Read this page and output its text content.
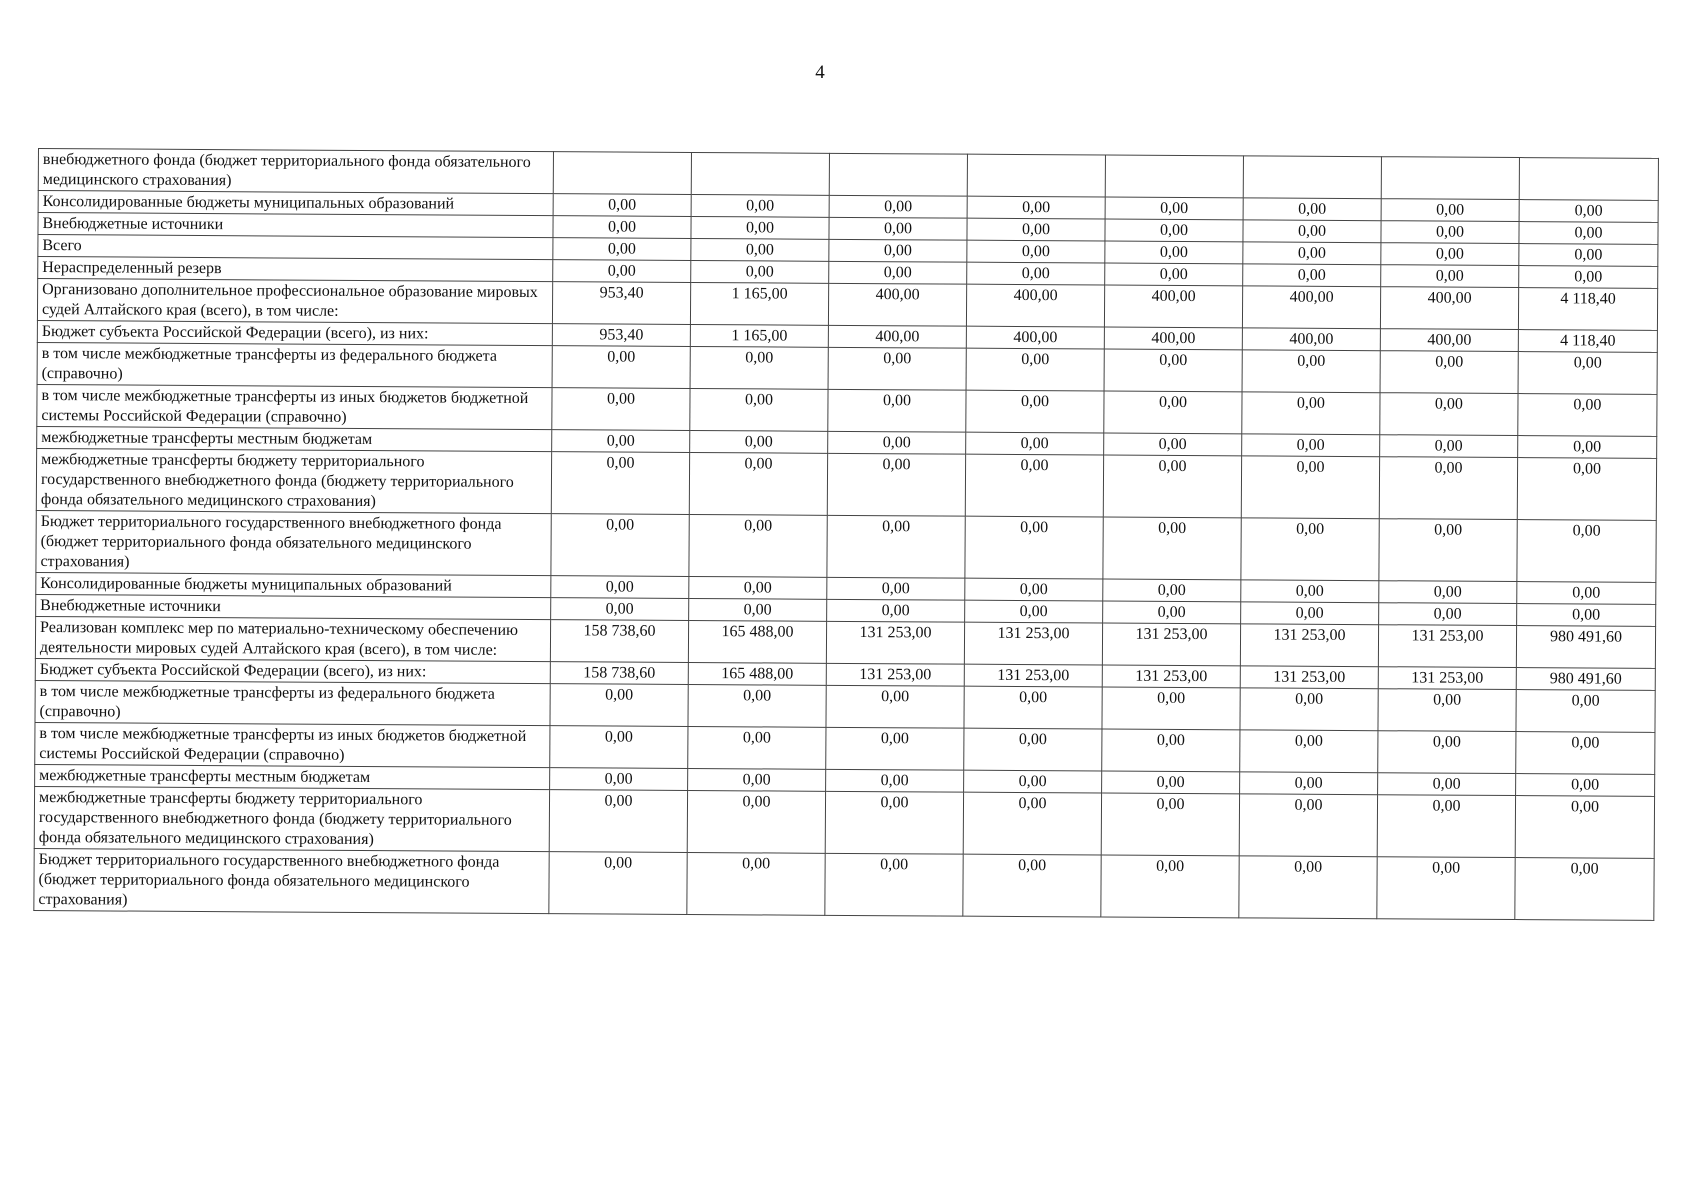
4
внебюджетного фонда (бюджет территориального фонда обязательного медицинского страхования)								
Консолидированные бюджеты муниципальных образований	0,00	0,00	0,00	0,00	0,00	0,00	0,00	0,00
Внебюджетные источники	0,00	0,00	0,00	0,00	0,00	0,00	0,00	0,00
Всего	0,00	0,00	0,00	0,00	0,00	0,00	0,00	0,00
Нераспределенный резерв	0,00	0,00	0,00	0,00	0,00	0,00	0,00	0,00
Организовано дополнительное профессиональное образование мировых судей Алтайского края (всего), в том числе:	953,40	1 165,00	400,00	400,00	400,00	400,00	400,00	4 118,40
Бюджет субъекта Российской Федерации (всего), из них:	953,40	1 165,00	400,00	400,00	400,00	400,00	400,00	4 118,40
в том числе межбюджетные трансферты из федерального бюджета (справочно)	0,00	0,00	0,00	0,00	0,00	0,00	0,00	0,00
в том числе межбюджетные трансферты из иных бюджетов бюджетной системы Российской Федерации (справочно)	0,00	0,00	0,00	0,00	0,00	0,00	0,00	0,00
межбюджетные трансферты местным бюджетам	0,00	0,00	0,00	0,00	0,00	0,00	0,00	0,00
межбюджетные трансферты бюджету территориального государственного внебюджетного фонда (бюджету территориального фонда обязательного медицинского страхования)	0,00	0,00	0,00	0,00	0,00	0,00	0,00	0,00
Бюджет территориального государственного внебюджетного фонда (бюджет территориального фонда обязательного медицинского страхования)	0,00	0,00	0,00	0,00	0,00	0,00	0,00	0,00
Консолидированные бюджеты муниципальных образований	0,00	0,00	0,00	0,00	0,00	0,00	0,00	0,00
Внебюджетные источники	0,00	0,00	0,00	0,00	0,00	0,00	0,00	0,00
Реализован комплекс мер по материально-техническому обеспечению деятельности мировых судей Алтайского края (всего), в том числе:	158 738,60	165 488,00	131 253,00	131 253,00	131 253,00	131 253,00	131 253,00	980 491,60
Бюджет субъекта Российской Федерации (всего), из них:	158 738,60	165 488,00	131 253,00	131 253,00	131 253,00	131 253,00	131 253,00	980 491,60
в том числе межбюджетные трансферты из федерального бюджета (справочно)	0,00	0,00	0,00	0,00	0,00	0,00	0,00	0,00
в том числе межбюджетные трансферты из иных бюджетов бюджетной системы Российской Федерации (справочно)	0,00	0,00	0,00	0,00	0,00	0,00	0,00	0,00
межбюджетные трансферты местным бюджетам	0,00	0,00	0,00	0,00	0,00	0,00	0,00	0,00
межбюджетные трансферты бюджету территориального государственного внебюджетного фонда (бюджету территориального фонда обязательного медицинского страхования)	0,00	0,00	0,00	0,00	0,00	0,00	0,00	0,00
Бюджет территориального государственного внебюджетного фонда (бюджет территориального фонда обязательного медицинского страхования)	0,00	0,00	0,00	0,00	0,00	0,00	0,00	0,00
